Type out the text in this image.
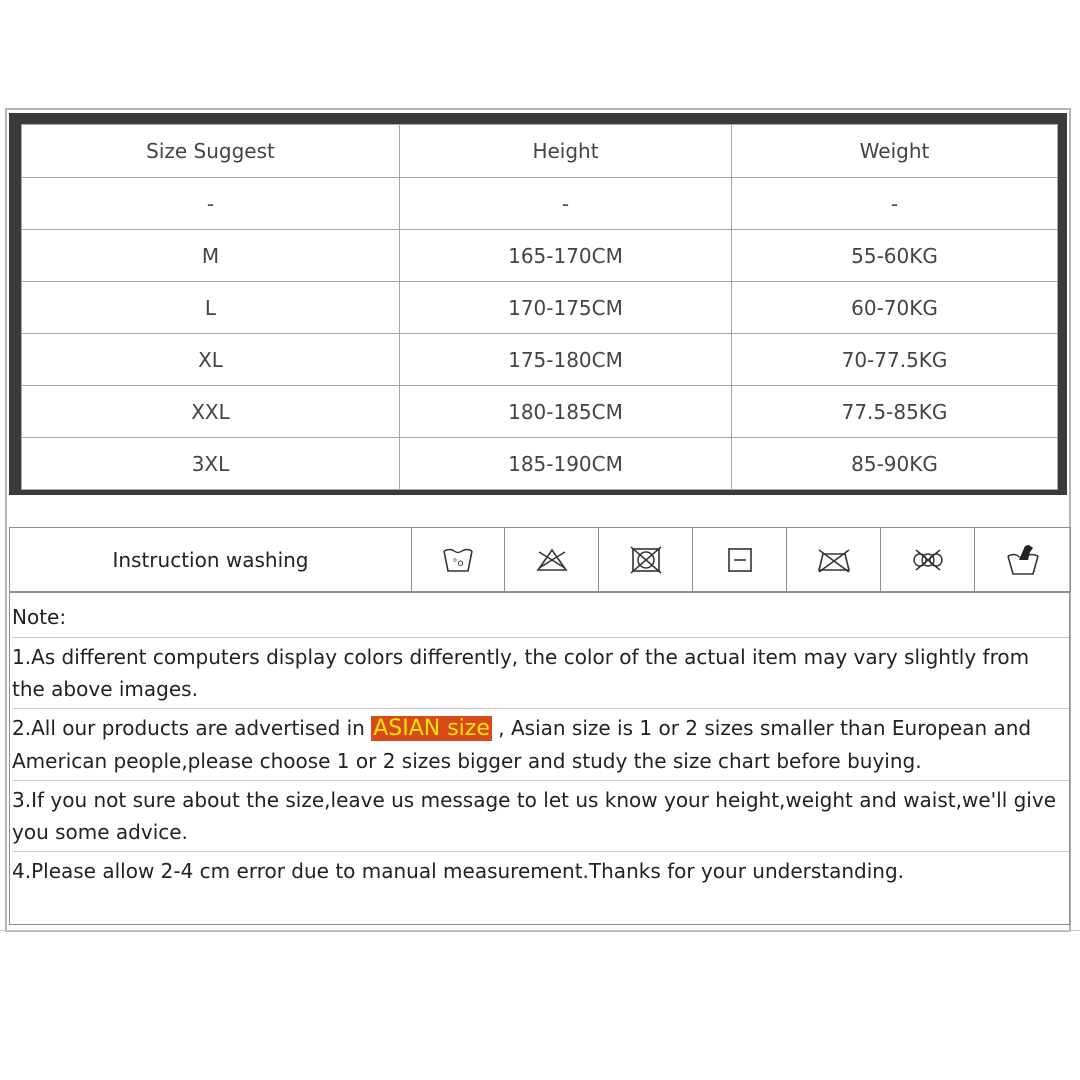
Size Suggest	Height	Weight
-	-	-
M	165-170CM	55-60KG
L	170-175CM	60-70KG
XL	175-180CM	70-77.5KG
XXL	180-185CM	77.5-85KG
3XL	185-190CM	85-90KG
Instruction washing	°o

Note:

1.As different computers display colors differently, the color of the actual item may vary slightly from the above images.

2.All our products are advertised in ASIAN size , Asian size is 1 or 2 sizes smaller than European and
American people,please choose 1 or 2 sizes bigger and study the size chart before buying.

3.If you not sure about the size,leave us message to let us know your height,weight and waist,we'll give you some advice.

4.Please allow 2-4 cm error due to manual measurement.Thanks for your understanding.
